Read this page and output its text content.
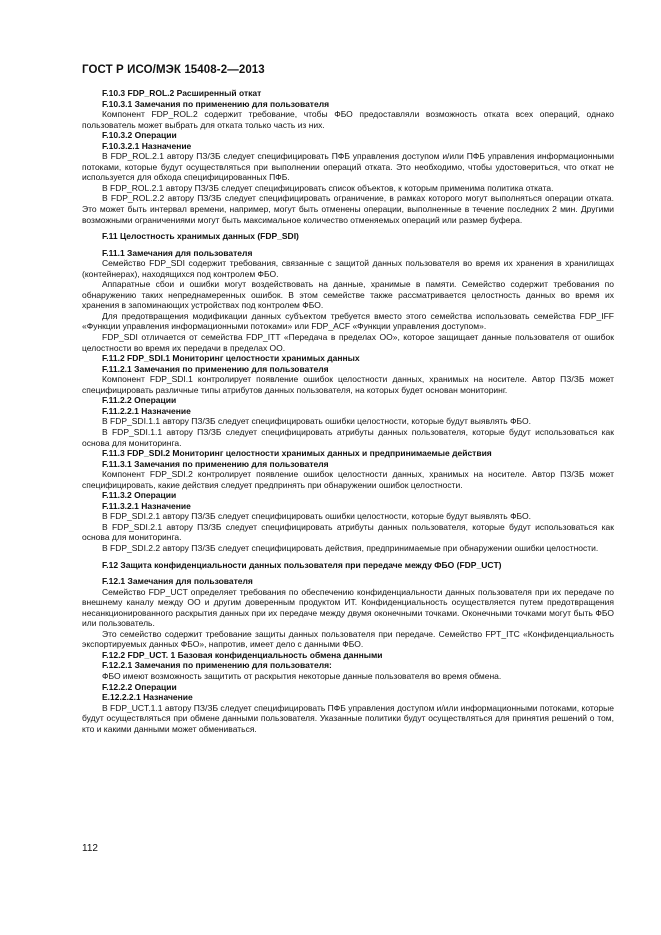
ГОСТ Р ИСО/МЭК 15408-2—2013

F.10.3 FDP_ROL.2 Расширенный откат

F.10.3.1 Замечания по применению для пользователя

Компонент FDP_ROL.2 содержит требование, чтобы ФБО предоставляли возможность отката всех операций, однако пользователь может выбрать для отката только часть из них.

F.10.3.2 Операции

F.10.3.2.1 Назначение

В FDP_ROL.2.1 автору ПЗ/ЗБ следует специфицировать ПФБ управления доступом и/или ПФБ управления информационными потоками, которые будут осуществляться при выполнении операций отката. Это необходимо, чтобы удостовериться, что откат не используется для обхода специфицированных ПФБ.

В FDP_ROL.2.1 автору ПЗ/ЗБ следует специфицировать список объектов, к которым применима политика отката.

В FDP_ROL.2.2 автору ПЗ/ЗБ следует специфицировать ограничение, в рамках которого могут выполняться операции отката. Это может быть интервал времени, например, могут быть отменены операции, выполненные в течение последних 2 мин. Другими возможными ограничениями могут быть максимальное количество отменяемых операций или размер буфера.

F.11 Целостность хранимых данных (FDP_SDI)

F.11.1 Замечания для пользователя

Семейство FDP_SDI содержит требования, связанные с защитой данных пользователя во время их хранения в хранилищах (контейнерах), находящихся под контролем ФБО.

Аппаратные сбои и ошибки могут воздействовать на данные, хранимые в памяти. Семейство содержит требования по обнаружению таких непреднамеренных ошибок. В этом семействе также рассматривается целостность данных во время их хранения в запоминающих устройствах под контролем ФБО.

Для предотвращения модификации данных субъектом требуется вместо этого семейства использовать семейства FDP_IFF «Функции управления информационными потоками» или FDP_ACF «Функции управления доступом».

FDP_SDI отличается от семейства FDP_ITT «Передача в пределах ОО», которое защищает данные пользователя от ошибок целостности во время их передачи в пределах ОО.

F.11.2 FDP_SDI.1 Мониторинг целостности хранимых данных

F.11.2.1 Замечания по применению для пользователя

Компонент FDP_SDI.1 контролирует появление ошибок целостности данных, хранимых на носителе. Автор ПЗ/ЗБ может специфицировать различные типы атрибутов данных пользователя, на которых будет основан мониторинг.

F.11.2.2 Операции

F.11.2.2.1 Назначение

В FDP_SDI.1.1 автору ПЗ/ЗБ следует специфицировать ошибки целостности, которые будут выявлять ФБО.

В FDP_SDI.1.1 автору ПЗ/ЗБ следует специфицировать атрибуты данных пользователя, которые будут использоваться как основа для мониторинга.

F.11.3 FDP_SDI.2 Мониторинг целостности хранимых данных и предпринимаемые действия

F.11.3.1 Замечания по применению для пользователя

Компонент FDP_SDI.2 контролирует появление ошибок целостности данных, хранимых на носителе. Автор ПЗ/ЗБ может специфицировать, какие действия следует предпринять при обнаружении ошибок целостности.

F.11.3.2 Операции

F.11.3.2.1 Назначение

В FDP_SDI.2.1 автору ПЗ/ЗБ следует специфицировать ошибки целостности, которые будут выявлять ФБО.

В FDP_SDI.2.1 автору ПЗ/ЗБ следует специфицировать атрибуты данных пользователя, которые будут использоваться как основа для мониторинга.

В FDP_SDI.2.2 автору ПЗ/ЗБ следует специфицировать действия, предпринимаемые при обнаружении ошибки целостности.

F.12 Защита конфиденциальности данных пользователя при передаче между ФБО (FDP_UCT)

F.12.1 Замечания для пользователя

Семейство FDP_UCT определяет требования по обеспечению конфиденциальности данных пользователя при их передаче по внешнему каналу между ОО и другим доверенным продуктом ИТ. Конфиденциальность осуществляется путем предотвращения несанкционированного раскрытия данных при их передаче между двумя оконечными точками. Оконечными точками могут быть ФБО или пользователь.

Это семейство содержит требование защиты данных пользователя при передаче. Семейство FPT_ITC «Конфиденциальность экспортируемых данных ФБО», напротив, имеет дело с данными ФБО.

F.12.2 FDP_UCT. 1 Базовая конфиденциальность обмена данными

F.12.2.1 Замечания по применению для пользователя:

ФБО имеют возможность защитить от раскрытия некоторые данные пользователя во время обмена.

F.12.2.2 Операции

E.12.2.2.1 Назначение

В FDP_UCT.1.1 автору ПЗ/ЗБ следует специфицировать ПФБ управления доступом и/или информационными потоками, которые будут осуществляться при обмене данными пользователя. Указанные политики будут осуществляться для принятия решений о том, кто и какими данными может обмениваться.

112
